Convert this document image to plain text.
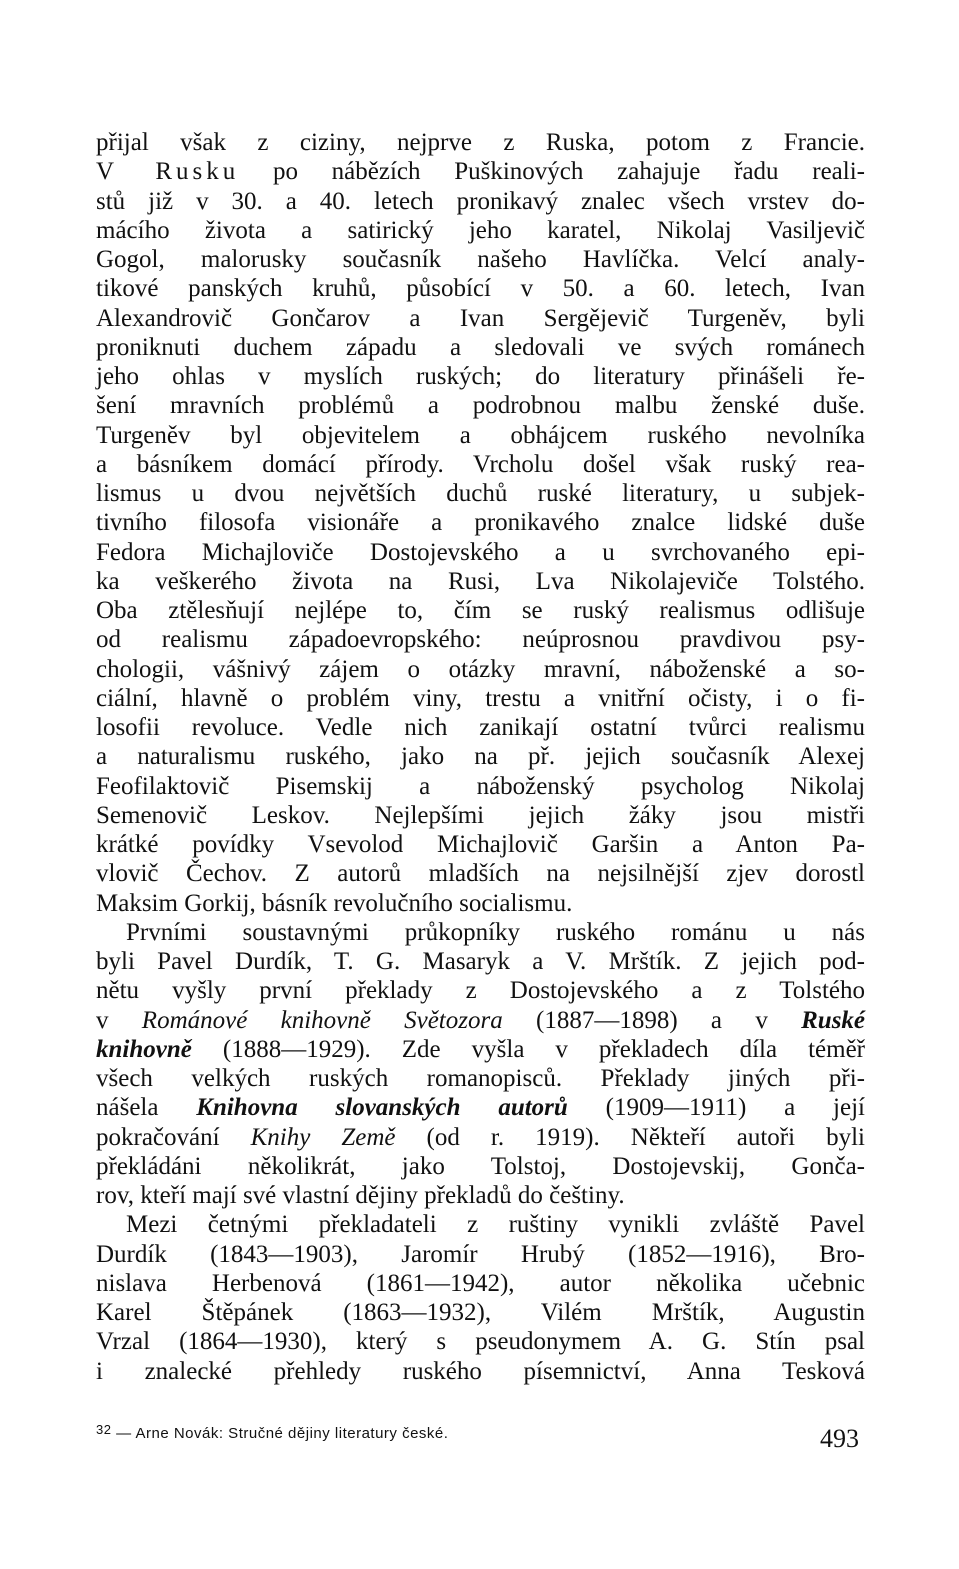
přijal však z ciziny, nejprve z Ruska, potom z Francie.
V Rusku po nábězích Puškinových zahajuje řadu reali-
stů již v 30. a 40. letech pronikavý znalec všech vrstev do-
mácího života a satirický jeho karatel, Nikolaj Vasiljevič
Gogol, malorusky současník našeho Havlíčka. Velcí analy-
tikové panských kruhů, působící v 50. a 60. letech, Ivan
Alexandrovič Gončarov a Ivan Sergějevič Turgeněv, byli
proniknuti duchem západu a sledovali ve svých románech
jeho ohlas v myslích ruských; do literatury přinášeli ře-
šení mravních problémů a podrobnou malbu ženské duše.
Turgeněv byl objevitelem a obhájcem ruského nevolníka
a básníkem domácí přírody. Vrcholu došel však ruský rea-
lismus u dvou největších duchů ruské literatury, u subjek-
tivního filosofa visionáře a pronikavého znalce lidské duše
Fedora Michajloviče Dostojevského a u svrchovaného epi-
ka veškerého života na Rusi, Lva Nikolajeviče Tolstého.
Oba ztělesňují nejlépe to, čím se ruský realismus odlišuje
od realismu západoevropského: neúprosnou pravdivou psy-
chologii, vášnivý zájem o otázky mravní, náboženské a so-
ciální, hlavně o problém viny, trestu a vnitřní očisty, i o fi-
losofii revoluce. Vedle nich zanikají ostatní tvůrci realismu
a naturalismu ruského, jako na př. jejich současník Alexej
Feofilaktovič Pisemskij a náboženský psycholog Nikolaj
Semenovič Leskov. Nejlepšími jejich žáky jsou mistři
krátké povídky Vsevolod Michajlovič Garšin a Anton Pa-
vlovič Čechov. Z autorů mladších na nejsilnější zjev dorostl
Maksim Gorkij, básník revolučního socialismu.
Prvními soustavnými průkopníky ruského románu u nás
byli Pavel Durdík, T. G. Masaryk a V. Mrštík. Z jejich pod-
nětu vyšly první překlady z Dostojevského a z Tolstého
v Románové knihovně Světozora (1887—1898) a v Ruské
knihovně (1888—1929). Zde vyšla v překladech díla téměř
všech velkých ruských romanopisců. Překlady jiných při-
nášela Knihovna slovanských autorů (1909—1911) a její
pokračování Knihy Země (od r. 1919). Někteří autoři byli
překládáni několikrát, jako Tolstoj, Dostojevskij, Gonča-
rov, kteří mají své vlastní dějiny překladů do češtiny.
Mezi četnými překladateli z ruštiny vynikli zvláště Pavel
Durdík (1843—1903), Jaromír Hrubý (1852—1916), Bro-
nislava Herbenová (1861—1942), autor několika učebnic
Karel Štěpánek (1863—1932), Vilém Mrštík, Augustin
Vrzal (1864—1930), který s pseudonymem A. G. Stín psal
i znalecké přehledy ruského písemnictví, Anna Tesková
32 — Arne Novák: Stručné dějiny literatury české.	493
